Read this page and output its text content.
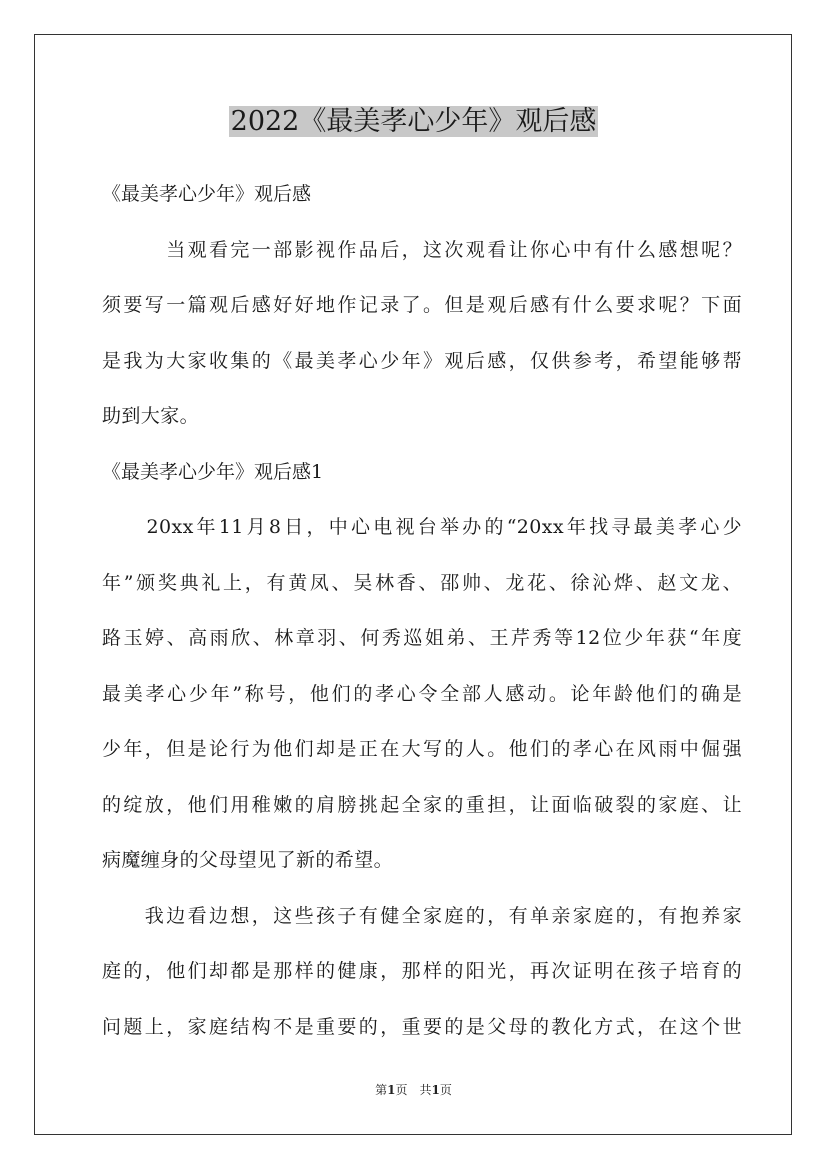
2022《最美孝心少年》观后感
《最美孝心少年》观后感
　　　当观看完一部影视作品后，这次观看让你心中有什么感想呢？
须要写一篇观后感好好地作记录了。但是观后感有什么要求呢？下面
是我为大家收集的《最美孝心少年》观后感，仅供参考，希望能够帮
助到大家。
《最美孝心少年》观后感1
　　20xx年11月8日，中心电视台举办的“20xx年找寻最美孝心少
年”颁奖典礼上，有黄凤、吴林香、邵帅、龙花、徐沁烨、赵文龙、
路玉婷、高雨欣、林章羽、何秀巡姐弟、王芹秀等12位少年获“年度
最美孝心少年”称号，他们的孝心令全部人感动。论年龄他们的确是
少年，但是论行为他们却是正在大写的人。他们的孝心在风雨中倔强
的绽放，他们用稚嫩的肩膀挑起全家的重担，让面临破裂的家庭、让
病魔缠身的父母望见了新的希望。
　　我边看边想，这些孩子有健全家庭的，有单亲家庭的，有抱养家
庭的，他们却都是那样的健康，那样的阳光，再次证明在孩子培育的
问题上，家庭结构不是重要的，重要的是父母的教化方式，在这个世
第1页　共1页
